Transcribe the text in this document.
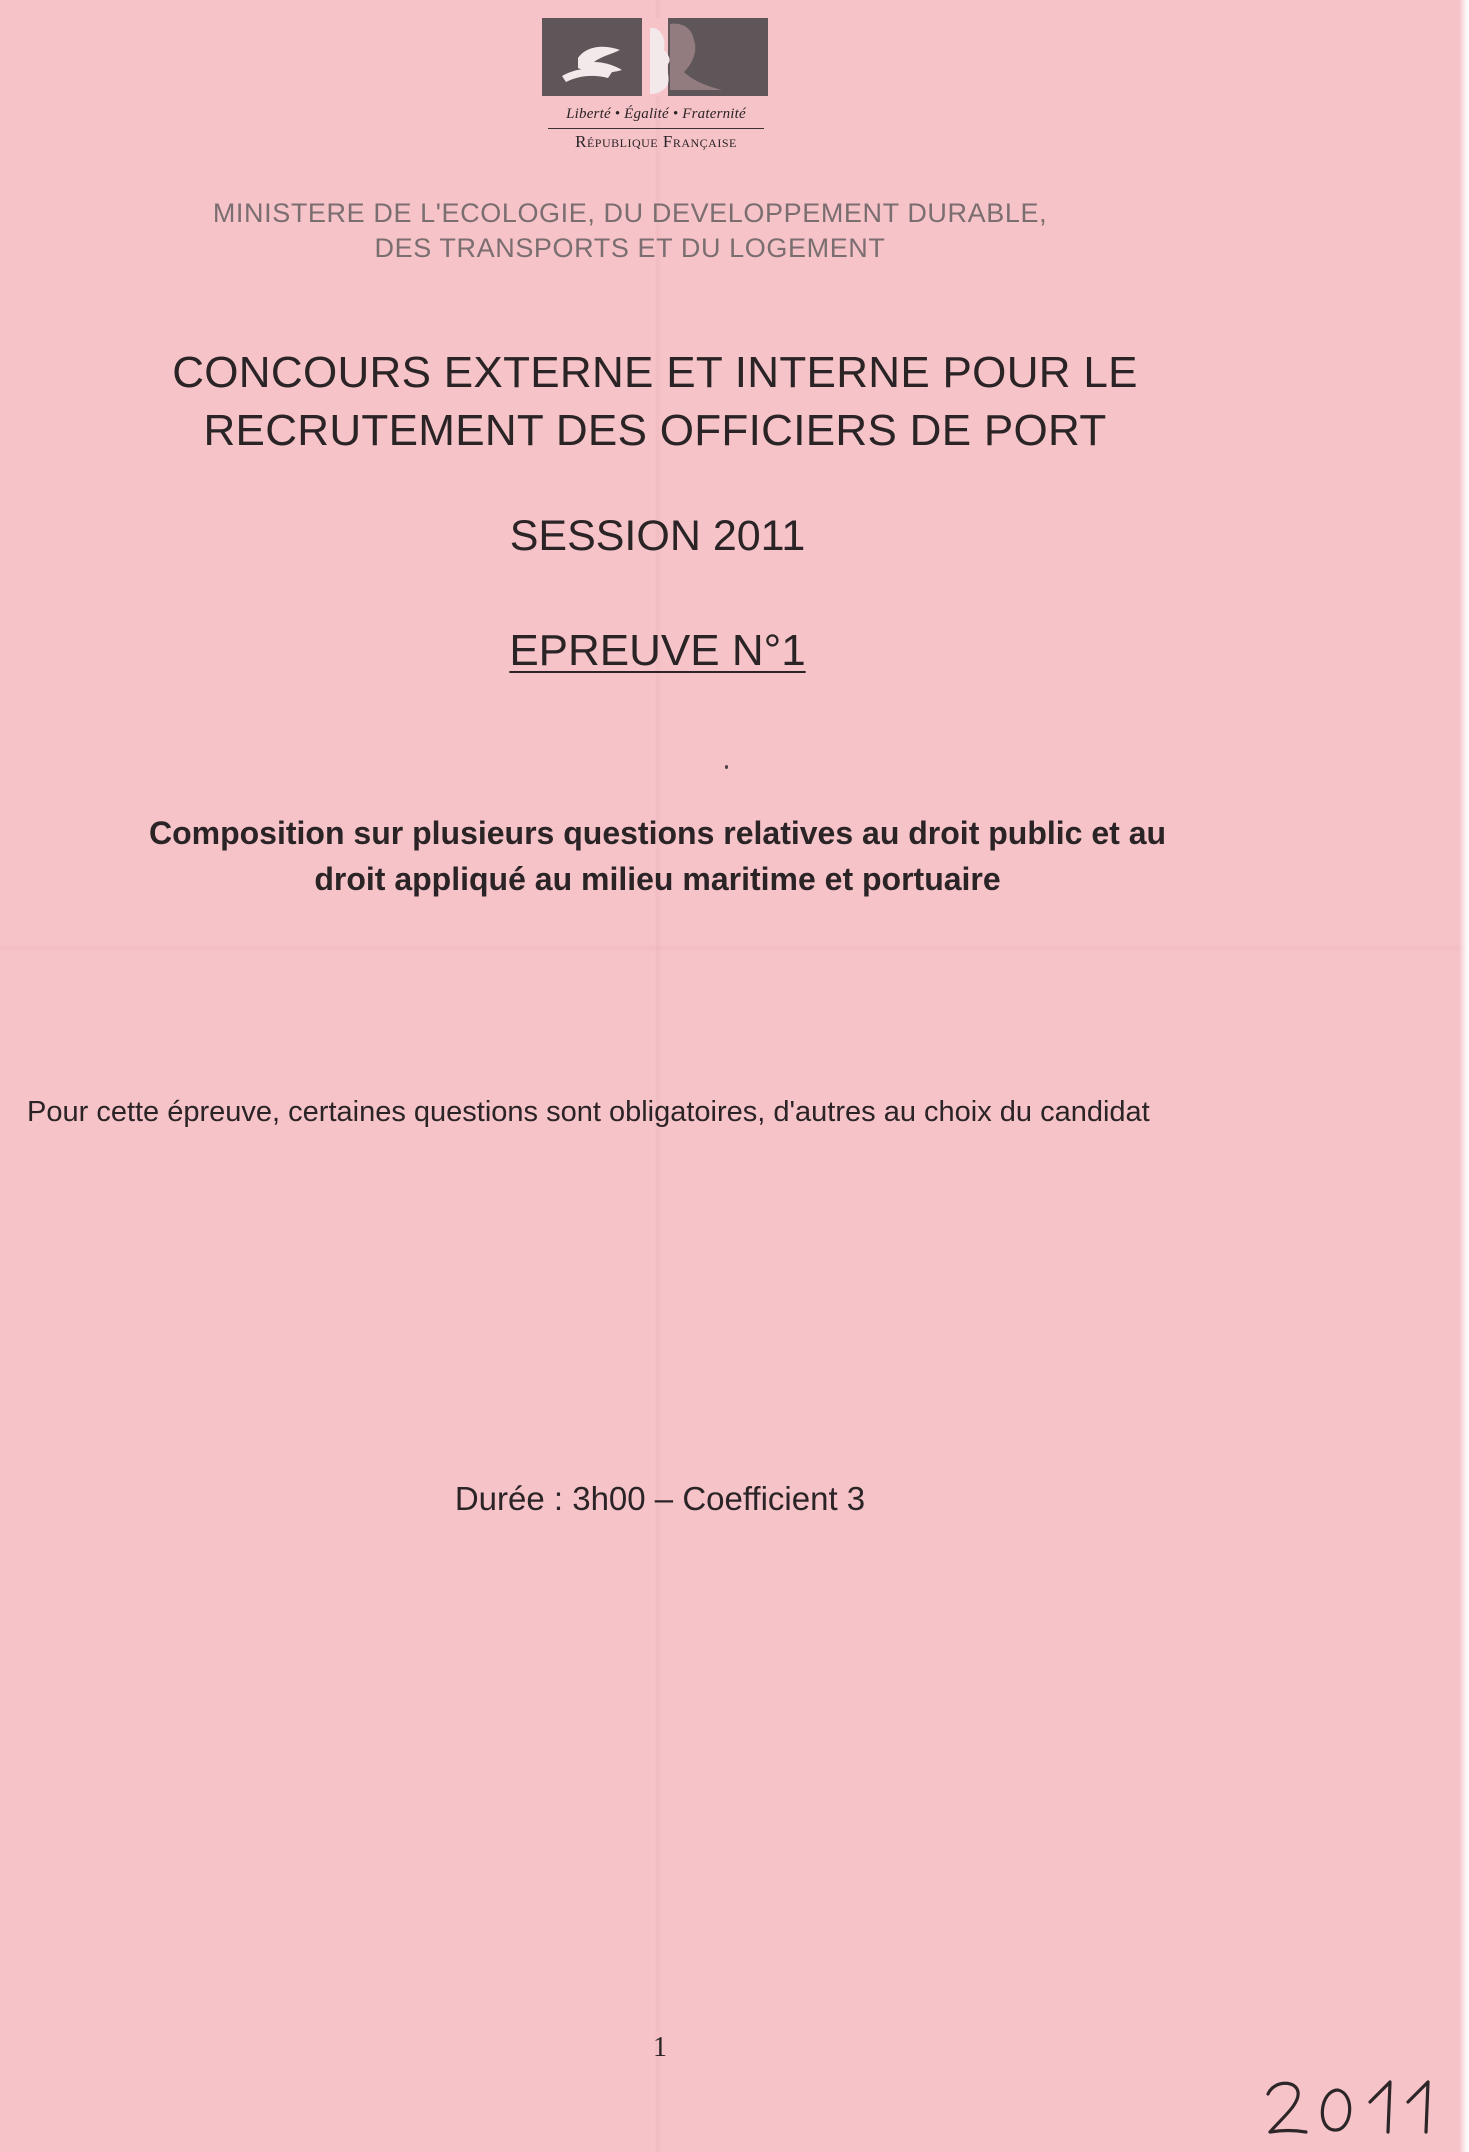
Liberté • Égalité • Fraternité
République Française
MINISTERE DE L'ECOLOGIE, DU DEVELOPPEMENT DURABLE,
DES TRANSPORTS ET DU LOGEMENT
CONCOURS EXTERNE ET INTERNE POUR LE
RECRUTEMENT DES OFFICIERS DE PORT
SESSION 2011
EPREUVE N°1
Composition sur plusieurs questions relatives au droit public et au
droit appliqué au milieu maritime et portuaire
Pour cette épreuve, certaines questions sont obligatoires, d'autres au choix du candidat
Durée : 3h00 – Coefficient 3
1
